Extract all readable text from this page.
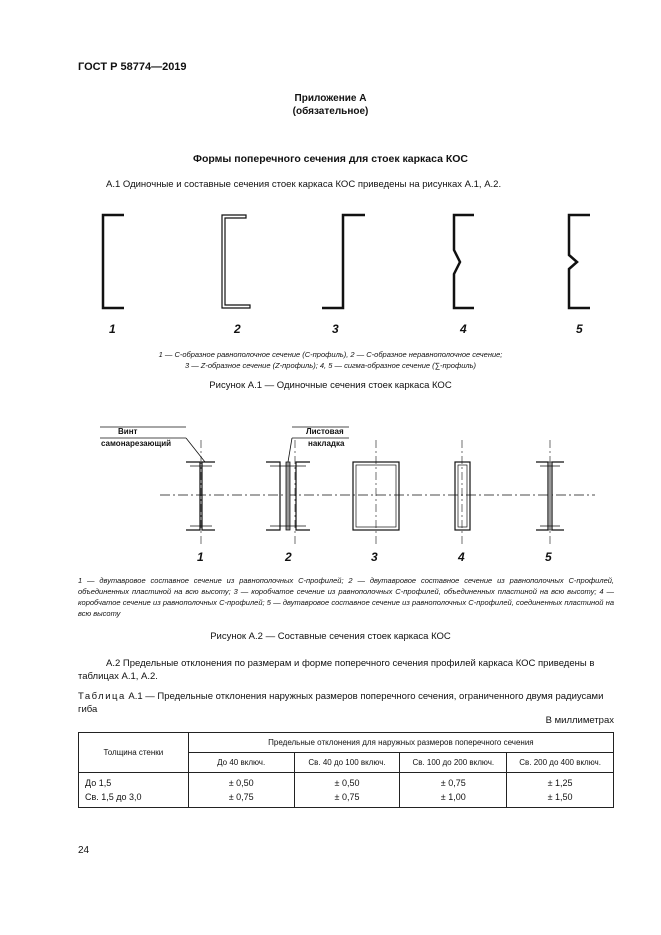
ГОСТ Р 58774—2019
Приложение А
(обязательное)
Формы поперечного сечения для стоек каркаса КОС
А.1 Одиночные и составные сечения стоек каркаса КОС приведены на рисунках А.1, А.2.
1	2	3	4	5
Винт
самонарезающий
Листовая
накладка
1	2	3	4	5
1 — С-образное равнополочное сечение (С-профиль), 2 — С-образное неравнополочное сечение;
3 — Z-образное сечение (Z-профиль); 4, 5 — сигма-образное сечение (∑-профиль)
Рисунок А.1 — Одиночные сечения стоек каркаса КОС
1 — двутавровое составное сечение из равнополочных С-профилей; 2 — двутавровое составное сечение из равнополочных С-профилей, объединенных пластиной на всю высоту; 3 — коробчатое сечение из равнополочных С-профилей, объединенных пластиной на всю высоту; 4 — коробчатое сечение из равнополочных С-профилей; 5 — двутавровое составное сечение из равнополочных С-профилей, соединенных пластиной на всю высоту
Рисунок А.2 — Составные сечения стоек каркаса КОС
А.2 Предельные отклонения по размерам и форме поперечного сечения профилей каркаса КОС приведены в таблицах А.1, А.2.
Таблица А.1 — Предельные отклонения наружных размеров поперечного сечения, ограниченного двумя радиусами гиба
В миллиметрах
Толщина стенки	Предельные отклонения для наружных размеров поперечного сечения			
	До 40 включ.	Св. 40 до 100 включ.	Св. 100 до 200 включ.	Св. 200 до 400 включ.
До 1,5	± 0,50	± 0,50	± 0,75	± 1,25
Св. 1,5 до 3,0	± 0,75	± 0,75	± 1,00	± 1,50
24
